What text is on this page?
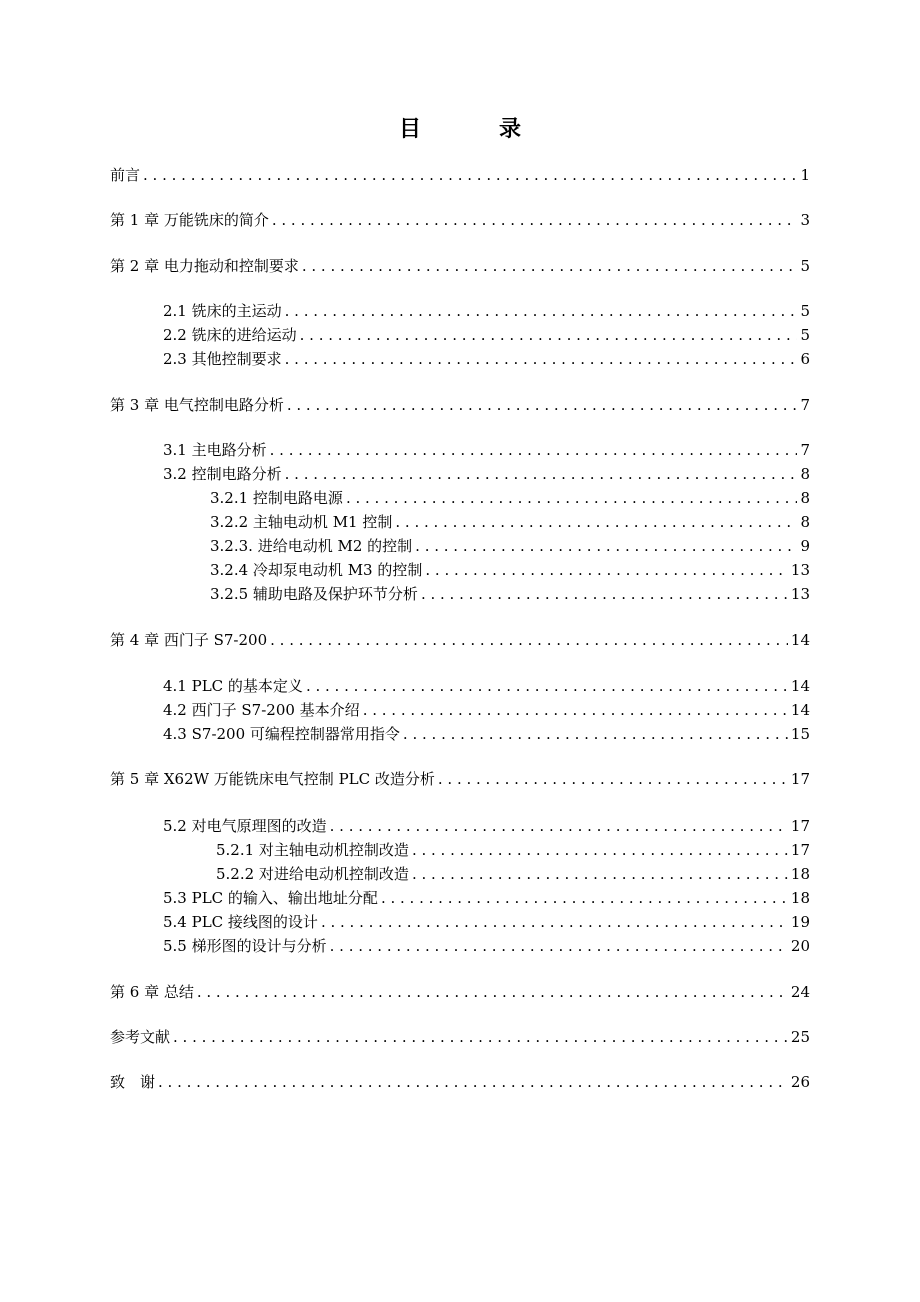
目　录
前言 . . .	1
第 1 章 万能铣床的简介 . . .	3
第 2 章 电力拖动和控制要求 . . .	5
2.1 铣床的主运动 . . .	5
2.2 铣床的进给运动 . . .	5
2.3 其他控制要求 . . .	6
第 3 章 电气控制电路分析 . . .	7
3.1 主电路分析 . . .	7
3.2 控制电路分析 . . .	8
3.2.1 控制电路电源 . . .	8
3.2.2 主轴电动机 M1 控制 . . .	8
3.2.3. 进给电动机 M2 的控制 . . .	9
3.2.4 冷却泵电动机 M3 的控制 . . .	13
3.2.5 辅助电路及保护环节分析 . . .	13
第 4 章 西门子 S7-200 . . .	14
4.1 PLC 的基本定义 . . .	14
4.2 西门子 S7-200 基本介绍 . . .	14
4.3 S7-200 可编程控制器常用指令 . . .	15
第 5 章 X62W 万能铣床电气控制 PLC 改造分析 . . .	17
5.2 对电气原理图的改造 . . .	17
5.2.1 对主轴电动机控制改造 . . .	17
5.2.2 对进给电动机控制改造 . . .	18
5.3 PLC 的输入、输出地址分配 . . .	18
5.4 PLC 接线图的设计 . . .	19
5.5 梯形图的设计与分析 . . .	20
第 6 章 总结 . . .	24
参考文献 . . .	25
致　谢 . . .	26
